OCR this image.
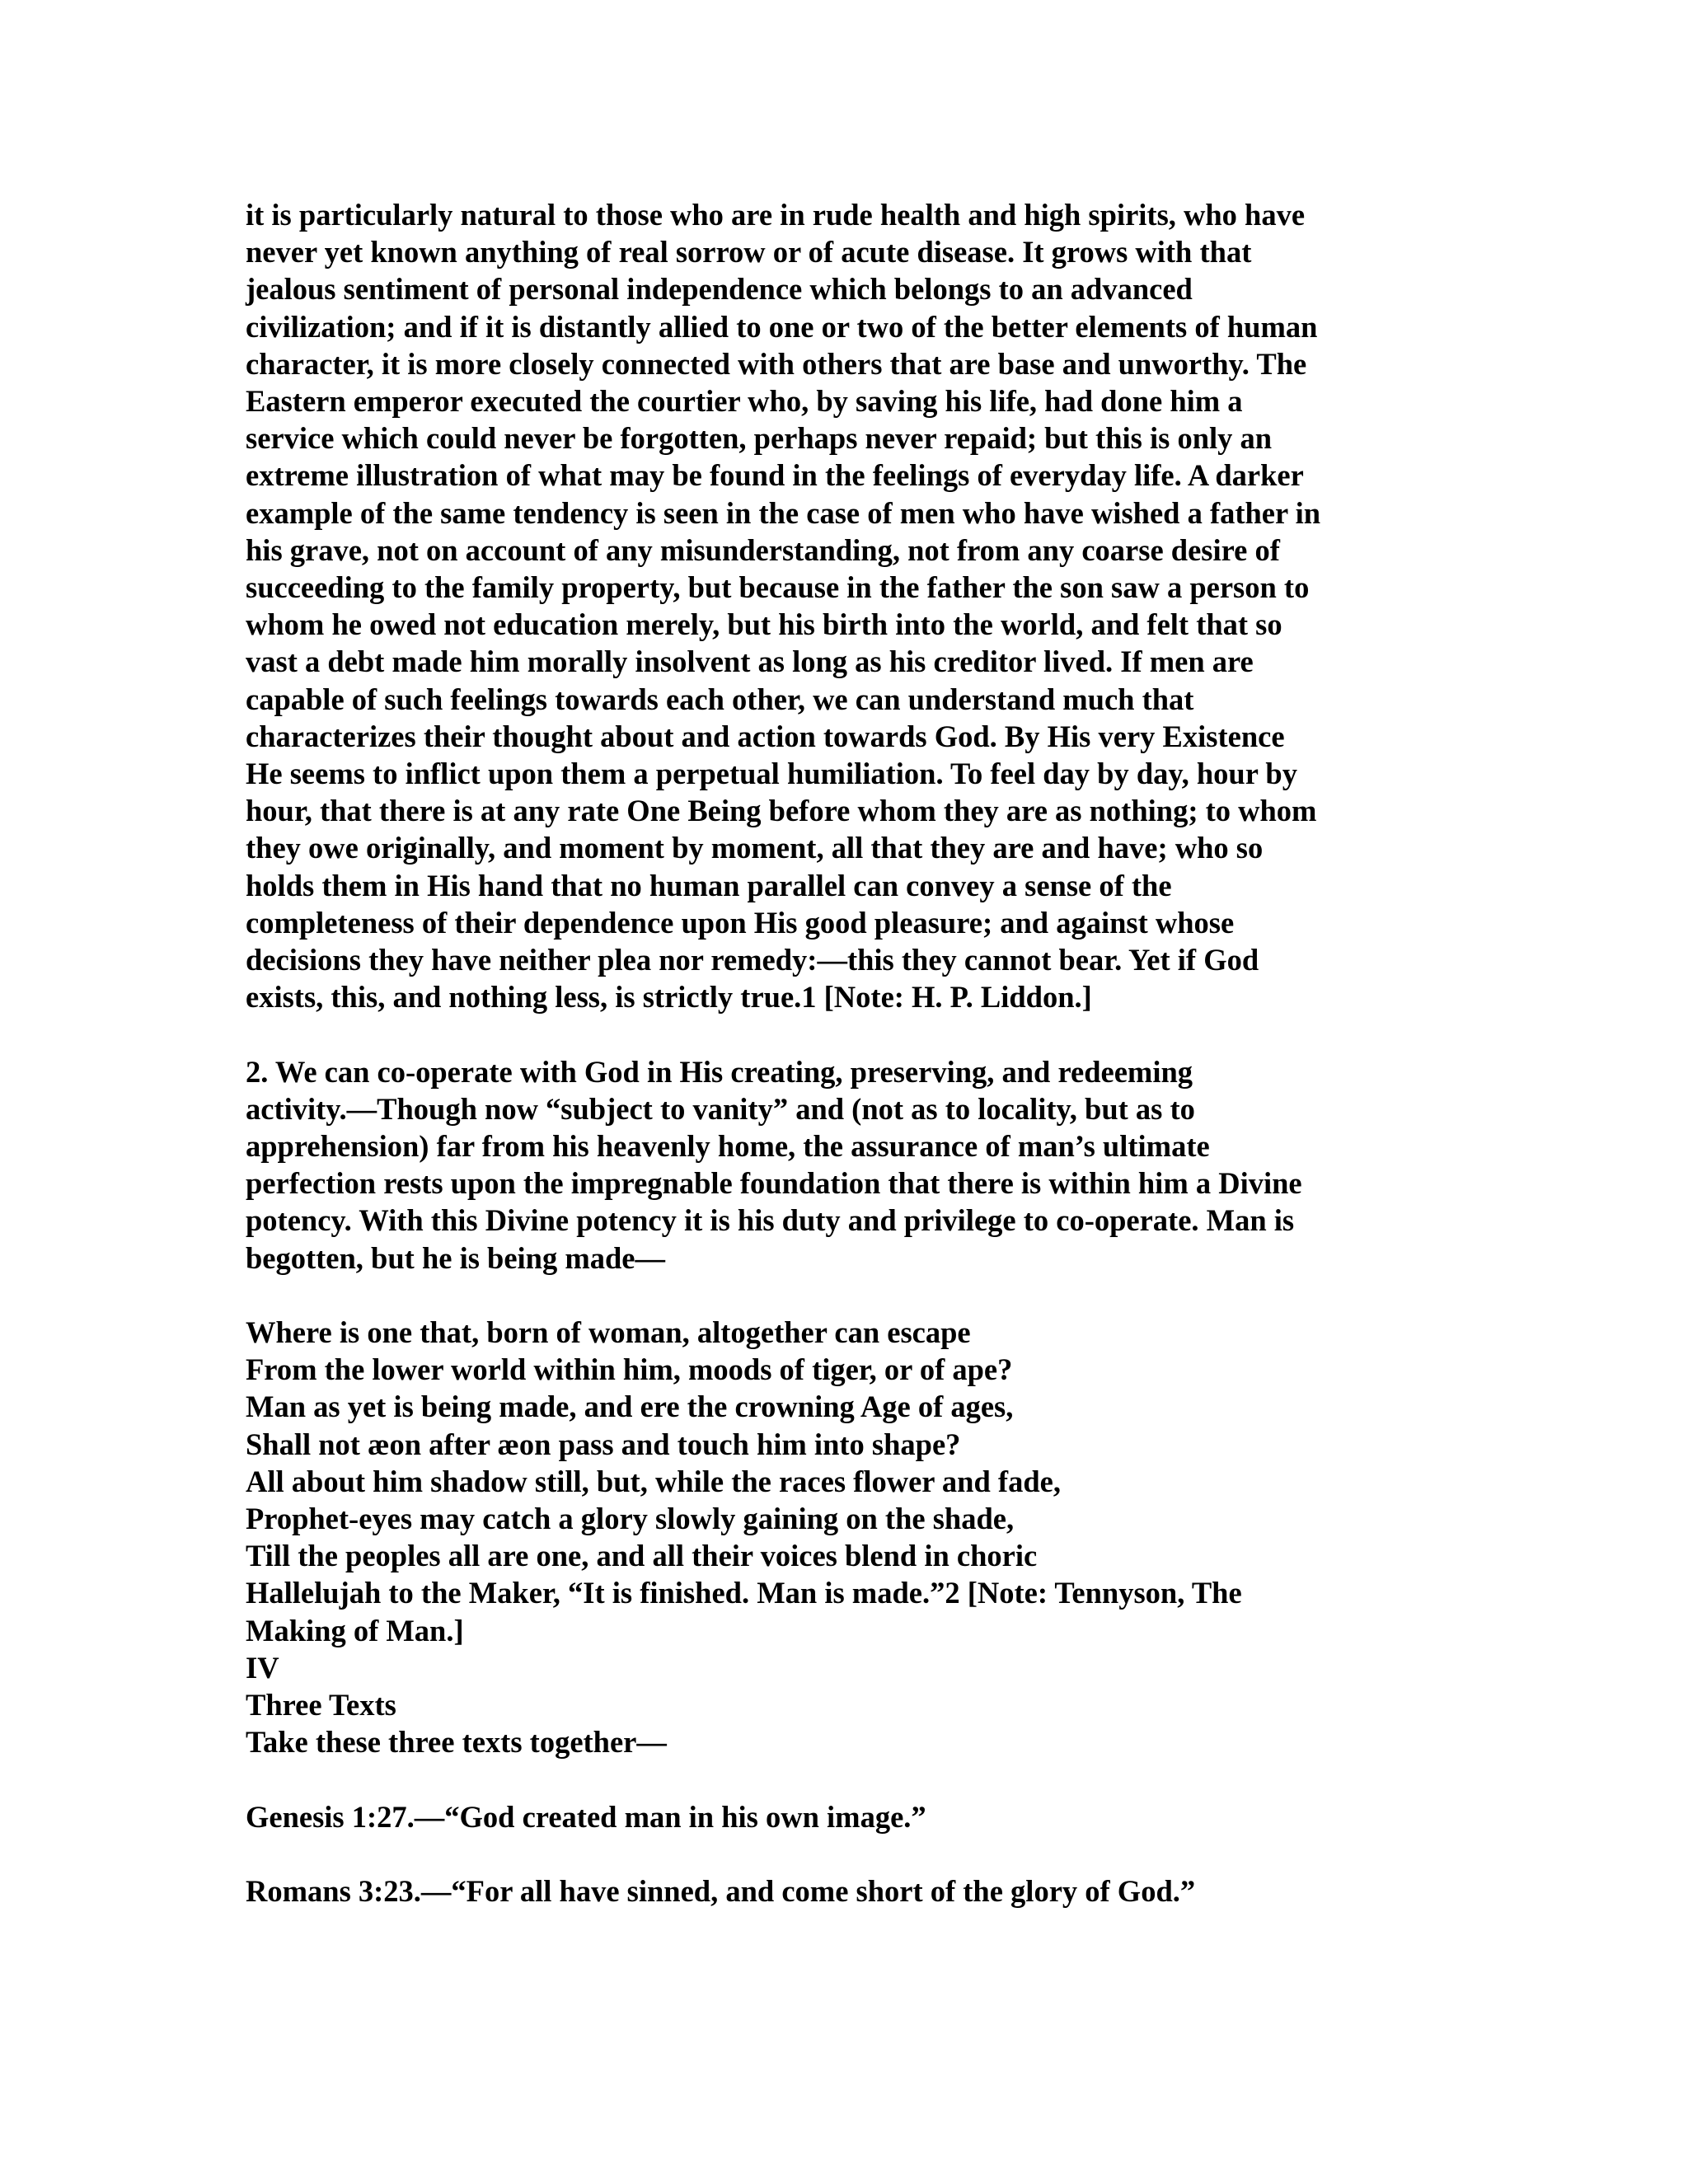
it is particularly natural to those who are in rude health and high spirits, who have
never yet known anything of real sorrow or of acute disease. It grows with that
jealous sentiment of personal independence which belongs to an advanced
civilization; and if it is distantly allied to one or two of the better elements of human
character, it is more closely connected with others that are base and unworthy. The
Eastern emperor executed the courtier who, by saving his life, had done him a
service which could never be forgotten, perhaps never repaid; but this is only an
extreme illustration of what may be found in the feelings of everyday life. A darker
example of the same tendency is seen in the case of men who have wished a father in
his grave, not on account of any misunderstanding, not from any coarse desire of
succeeding to the family property, but because in the father the son saw a person to
whom he owed not education merely, but his birth into the world, and felt that so
vast a debt made him morally insolvent as long as his creditor lived. If men are
capable of such feelings towards each other, we can understand much that
characterizes their thought about and action towards God. By His very Existence
He seems to inflict upon them a perpetual humiliation. To feel day by day, hour by
hour, that there is at any rate One Being before whom they are as nothing; to whom
they owe originally, and moment by moment, all that they are and have; who so
holds them in His hand that no human parallel can convey a sense of the
completeness of their dependence upon His good pleasure; and against whose
decisions they have neither plea nor remedy:—this they cannot bear. Yet if God
exists, this, and nothing less, is strictly true.1 [Note: H. P. Liddon.]
2. We can co-operate with God in His creating, preserving, and redeeming
activity.—Though now “subject to vanity” and (not as to locality, but as to
apprehension) far from his heavenly home, the assurance of man’s ultimate
perfection rests upon the impregnable foundation that there is within him a Divine
potency. With this Divine potency it is his duty and privilege to co-operate. Man is
begotten, but he is being made—
Where is one that, born of woman, altogether can escape
From the lower world within him, moods of tiger, or of ape?
Man as yet is being made, and ere the crowning Age of ages,
Shall not æon after æon pass and touch him into shape?
All about him shadow still, but, while the races flower and fade,
Prophet-eyes may catch a glory slowly gaining on the shade,
Till the peoples all are one, and all their voices blend in choric
Hallelujah to the Maker, “It is finished. Man is made.”2 [Note: Tennyson, The
Making of Man.]
IV
Three Texts
Take these three texts together—
Genesis 1:27.—“God created man in his own image.”
Romans 3:23.—“For all have sinned, and come short of the glory of God.”
